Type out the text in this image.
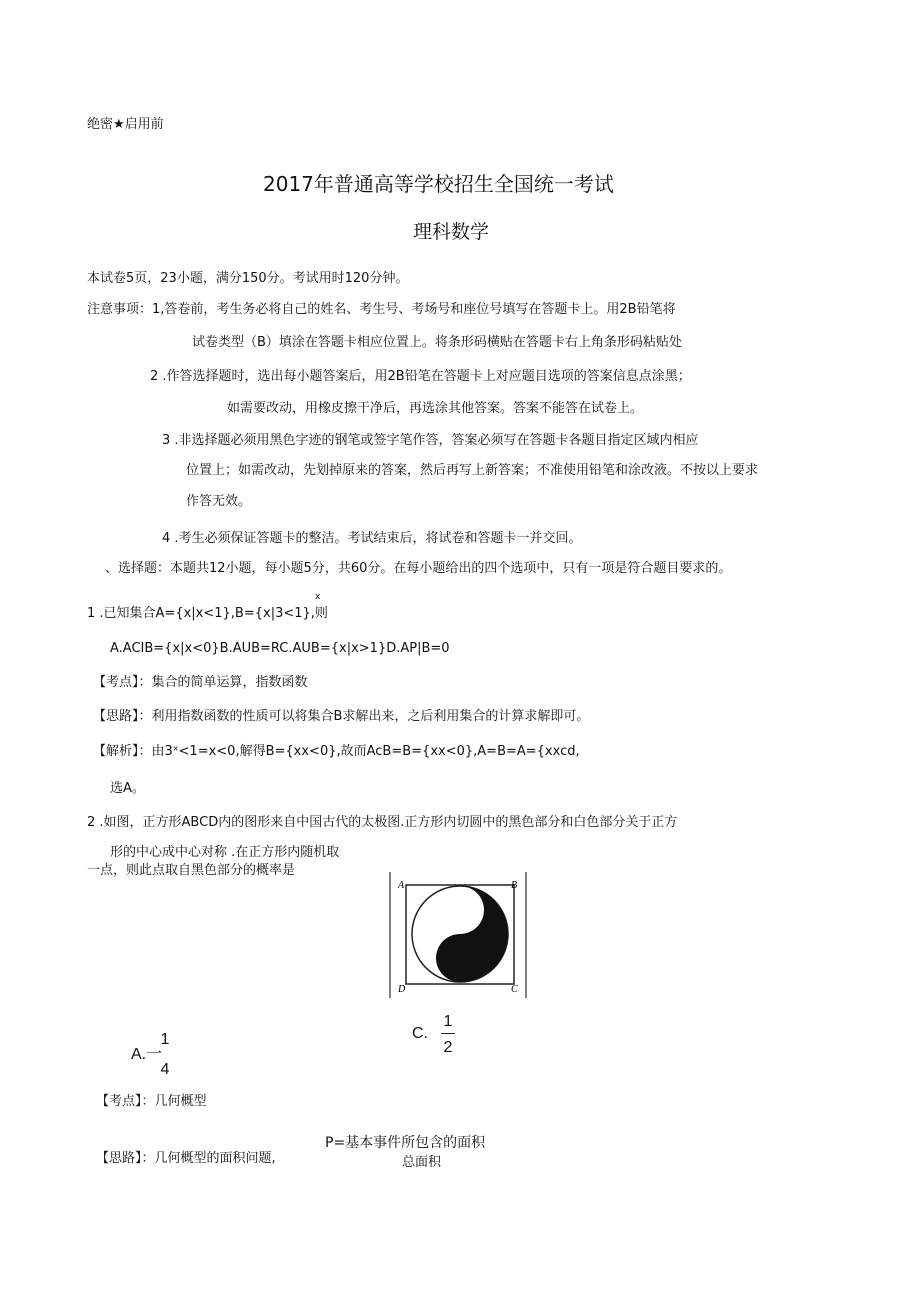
绝密★启用前
2017年普通高等学校招生全国统一考试
理科数学
本试卷5页，23小题，满分150分。考试用时120分钟。
注意事项：1,答卷前，考生务必将自己的姓名、考生号、考场号和座位号填写在答题卡上。用2B铅笔将
试卷类型（B）填涂在答题卡相应位置上。将条形码横贴在答题卡右上角条形码粘贴处
2 .作答选择题时，选出每小题答案后，用2B铅笔在答题卡上对应题目选项的答案信息点涂黑；
如需要改动，用橡皮擦干净后，再选涂其他答案。答案不能答在试卷上。
3 .非选择题必须用黑色字迹的钢笔或签字笔作答，答案必须写在答题卡各题目指定区域内相应
位置上；如需改动，先划掉原来的答案，然后再写上新答案；不准使用铅笔和涂改液。不按以上要求
作答无效。
4 .考生必须保证答题卡的整洁。考试结束后，将试卷和答题卡一并交回。
、选择题：本题共12小题，每小题5分，共60分。在每小题给出的四个选项中，只有一项是符合题目要求的。
x
1 .已知集合A={x|x<1},B={x|3<1},则
A.ACIB={x|x<0}B.AUB=RC.AUB={x|x>1}D.AP|B=0
【考点】：集合的简单运算，指数函数
【思路】：利用指数函数的性质可以将集合B求解出来，之后利用集合的计算求解即可。
【解析】：由3ˣ<1=x<0,解得B={xx<0},故而AcB=B={xx<0},A=B=A={xxcd,
选A。
2 .如图，正方形ABCD内的图形来自中国古代的太极图.正方形内切圆中的黑色部分和白色部分关于正方
形的中心成中心对称 .在正方形内随机取
一点，则此点取自黑色部分的概率是
A	B
D	C
A.一
1
4
C.
1
2
【考点】：几何概型
【思路】：几何概型的面积问题,
P=基本事件所包含的面积
总面积
